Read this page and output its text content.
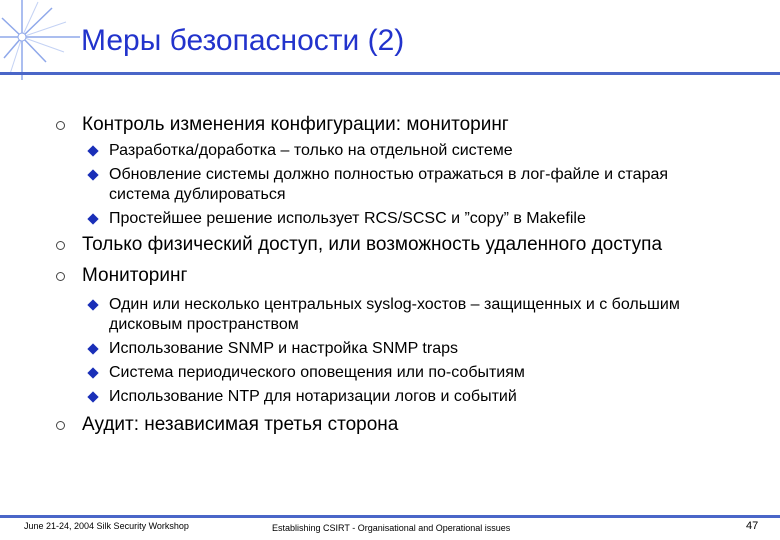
Меры безопасности (2)
Контроль изменения конфигурации: мониторинг
Разработка/доработка – только на отдельной системе
Обновление системы должно полностью отражаться в лог-файле и старая система дублироваться
Простейшее решение использует RCS/SCSC и ”copy” в Makefile
Только физический доступ, или возможность удаленного доступа
Мониторинг
Один или несколько центральных syslog-хостов – защищенных и с большим дисковым пространством
Использование SNMP и настройка SNMP traps
Система периодического оповещения или по-событиям
Использование NTP для нотаризации логов и событий
Аудит: независимая третья сторона
June 21-24, 2004 Silk Security Workshop	Establishing CSIRT - Organisational and Operational issues	47
